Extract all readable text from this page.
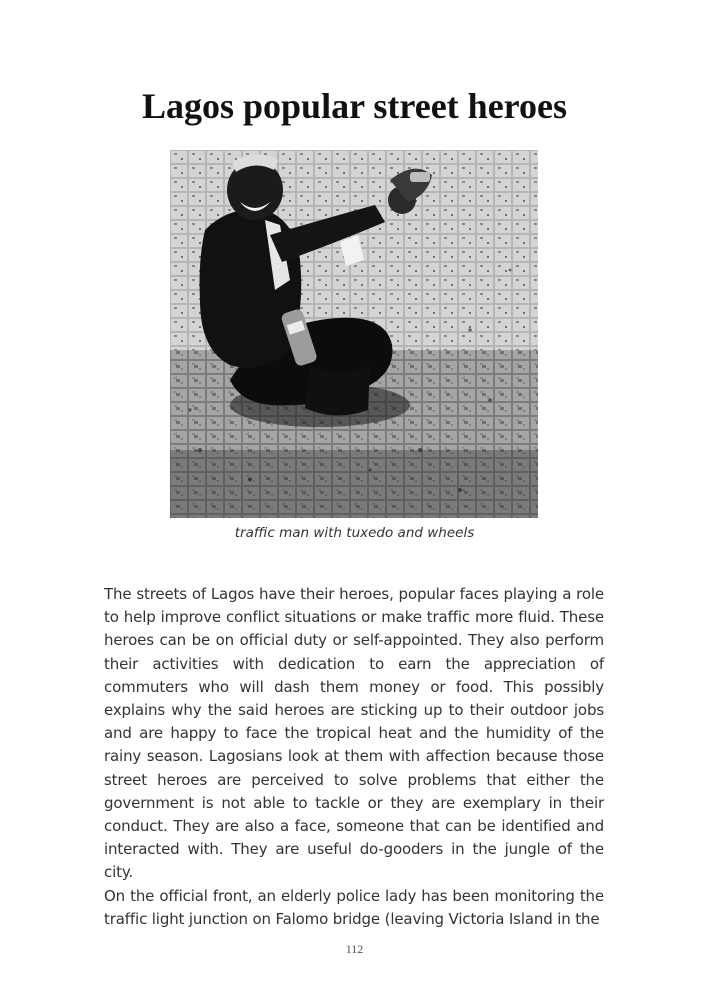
Lagos popular street heroes

traffic man with tuxedo and wheels

The streets of Lagos have their heroes, popular faces playing a role to help improve conflict situations or make traffic more fluid. These heroes can be on official duty or self-appointed. They also perform their activities with dedication to earn the appreciation of commuters who will dash them money or food. This possibly explains why the said heroes are sticking up to their outdoor jobs and are happy to face the tropical heat and the humidity of the rainy season. Lagosians look at them with affection because those street heroes are perceived to solve problems that either the government is not able to tackle or they are exemplary in their conduct. They are also a face, someone that can be identified and interacted with. They are useful do-gooders in the jungle of the city.

On the official front, an elderly police lady has been monitoring the traffic light junction on Falomo bridge (leaving Victoria Island in the

112
